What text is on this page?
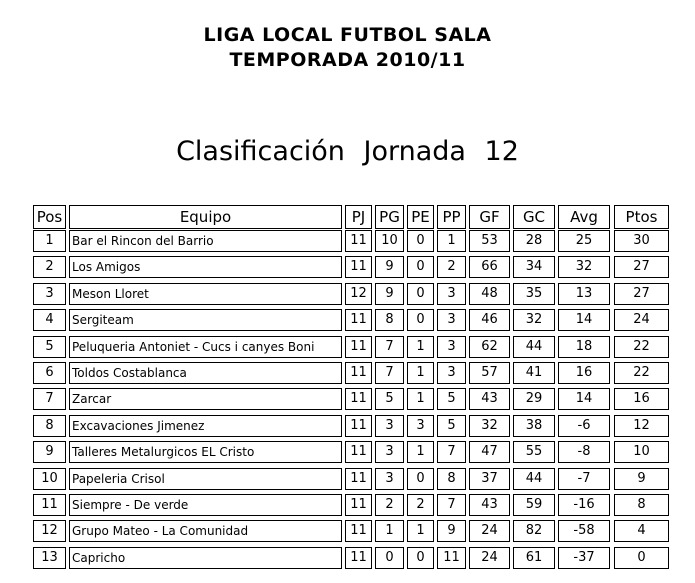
LIGA LOCAL FUTBOL SALA
TEMPORADA 2010/11
Clasificación Jornada 12
Pos	Equipo	PJ PG PE PP	GF	GC	Avg	Ptos
1	Bar el Rincon del Barrio	11	10	0	1	53	28	25	30
2	Los Amigos	11	9	0	2	66	34	32	27
3	Meson Lloret	12	9	0	3	48	35	13	27
4	Sergiteam	11	8	0	3	46	32	14	24
5	Peluqueria Antoniet - Cucs i canyes Boni	11	7	1	3	62	44	18	22
6	Toldos Costablanca	11	7	1	3	57	41	16	22
7	Zarcar	11	5	1	5	43	29	14	16
8	Excavaciones Jimenez	11	3	3	5	32	38	-6	12
9	Talleres Metalurgicos EL Cristo	11	3	1	7	47	55	-8	10
10	Papeleria Crisol	11	3	0	8	37	44	-7	9
11	Siempre - De verde	11	2	2	7	43	59	-16	8
12	Grupo Mateo - La Comunidad	11	1	1	9	24	82	-58	4
13	Capricho	11	0	0	11	24	61	-37	0
